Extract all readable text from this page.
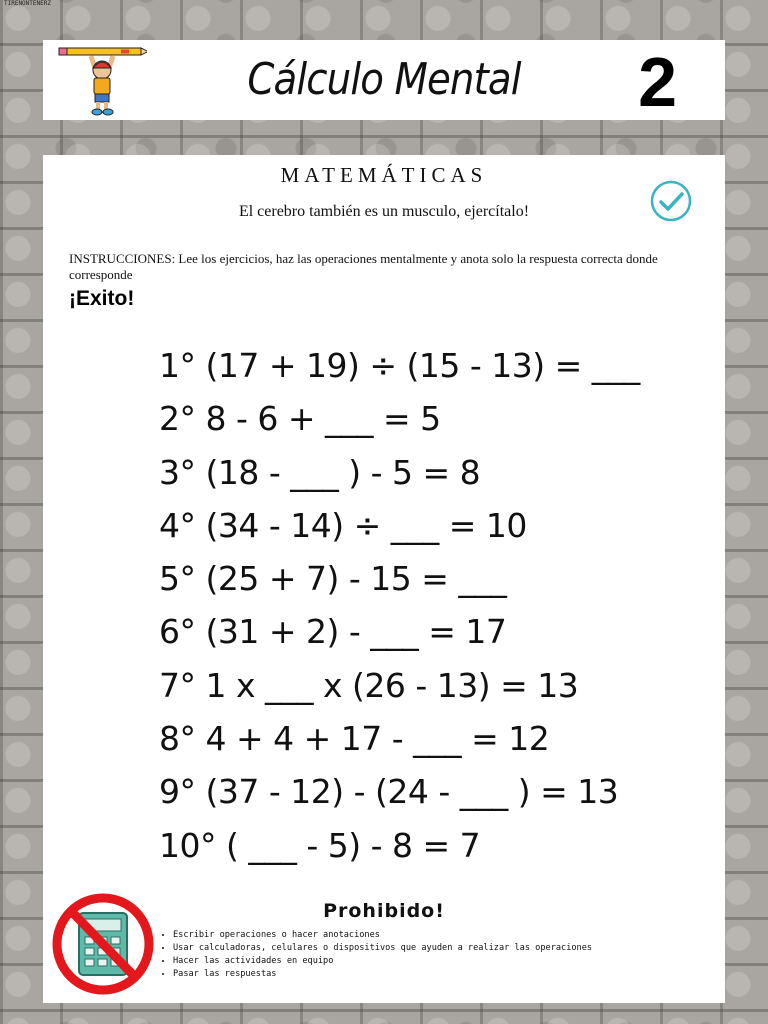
TIRENONTENERZ
Cálculo Mental	2
MATEMÁTICAS
El cerebro también es un musculo, ejercítalo!
INSTRUCCIONES: Lee los ejercicios, haz las operaciones mentalmente y anota solo la respuesta correcta donde corresponde
¡Exito!
1° (17 + 19) ÷ (15 - 13) = ___
2° 8 - 6 + ___ = 5
3° (18 - ___ ) - 5 = 8
4° (34 - 14) ÷ ___ = 10
5° (25 + 7) - 15 = ___
6° (31 + 2) - ___ = 17
7° 1 x ___ x (26 - 13) = 13
8° 4 + 4 + 17 - ___ = 12
9° (37 - 12) - (24 - ___ ) = 13
10° ( ___ - 5) - 8 = 7
Prohibido!
• Escribir operaciones o hacer anotaciones
• Usar calculadoras, celulares o dispositivos que ayuden a realizar las operaciones
• Hacer las actividades en equipo
• Pasar las respuestas
